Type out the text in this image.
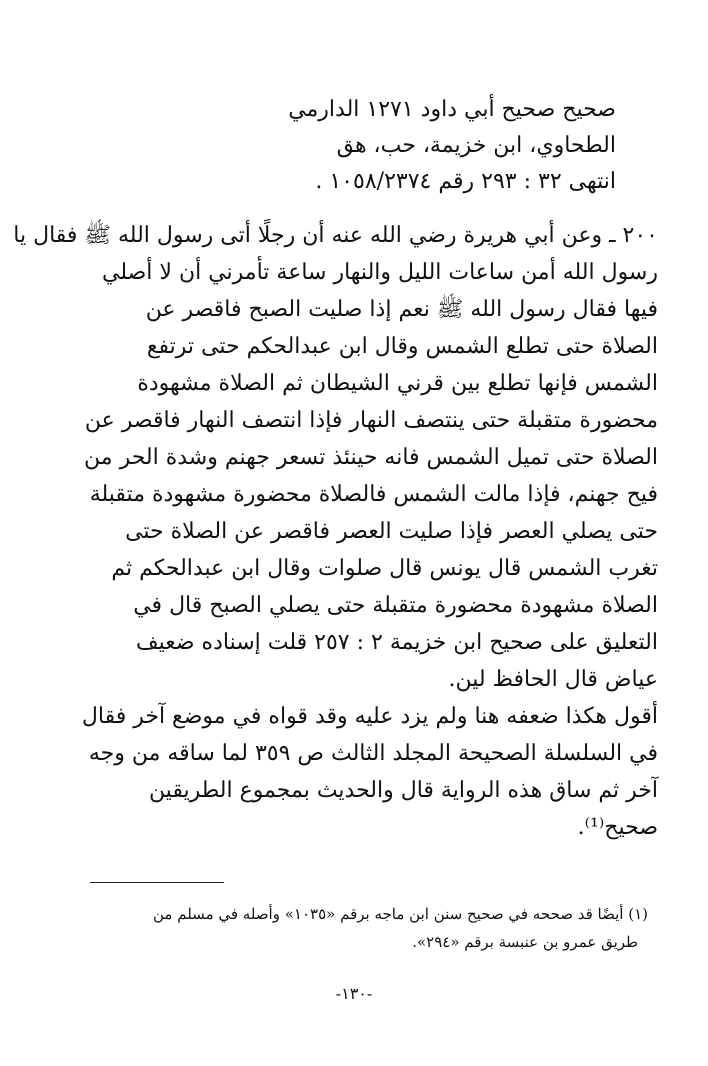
صحيح صحيح أبي داود ١٢٧١ الدارمي
الطحاوي، ابن خزيمة، حب، هق
انتهى ٣٢ : ٢٩٣ رقم ١٠٥٨/٢٣٧٤ .
٢٠٠ ـ وعن أبي هريرة رضي الله عنه أن رجلًا أتى رسول الله ﷺ فقال يا
رسول الله أمن ساعات الليل والنهار ساعة تأمرني أن لا أصلي
فيها فقال رسول الله ﷺ نعم إذا صليت الصبح فاقصر عن
الصلاة حتى تطلع الشمس وقال ابن عبدالحكم حتى ترتفع
الشمس فإنها تطلع بين قرني الشيطان ثم الصلاة مشهودة
محضورة متقبلة حتى ينتصف النهار فإذا انتصف النهار فاقصر عن
الصلاة حتى تميل الشمس فانه حينئذ تسعر جهنم وشدة الحر من
فيح جهنم، فإذا مالت الشمس فالصلاة محضورة مشهودة متقبلة
حتى يصلي العصر فإذا صليت العصر فاقصر عن الصلاة حتى
تغرب الشمس قال يونس قال صلوات وقال ابن عبدالحكم ثم
الصلاة مشهودة محضورة متقبلة حتى يصلي الصبح قال في
التعليق على صحيح ابن خزيمة ٢ : ٢٥٧ قلت إسناده ضعيف
عياض قال الحافظ لين.
أقول هكذا ضعفه هنا ولم يزد عليه وقد قواه في موضع آخر فقال
في السلسلة الصحيحة المجلد الثالث ص ٣٥٩ لما ساقه من وجه
آخر ثم ساق هذه الرواية قال والحديث بمجموع الطريقين
صحيح⁽¹⁾.
(١) أيضًا قد صححه في صحيح سنن ابن ماجه برقم «١٠٣٥» وأصله في مسلم من
طريق عمرو بن عنبسة برقم «٢٩٤».
-١٣٠-
